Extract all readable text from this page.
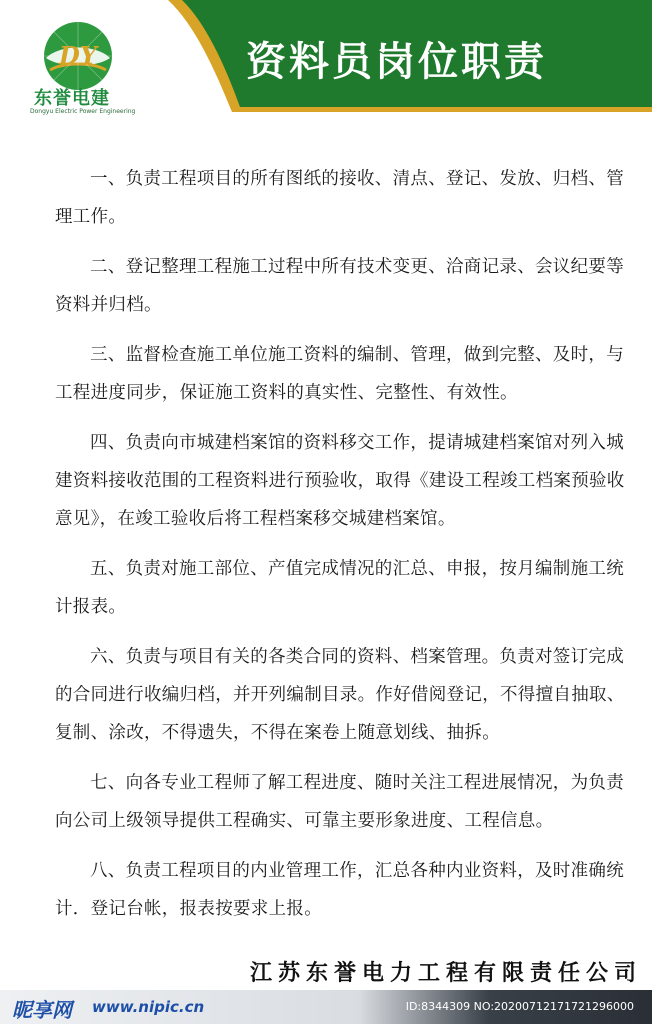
DY
东誉电建
Dongyu Electric Power Engineering
资料员岗位职责

一、负责工程项目的所有图纸的接收、清点、登记、发放、归档、管理工作。

二、登记整理工程施工过程中所有技术变更、洽商记录、会议纪要等资料并归档。

三、监督检查施工单位施工资料的编制、管理，做到完整、及时，与工程进度同步，保证施工资料的真实性、完整性、有效性。

四、负责向市城建档案馆的资料移交工作，提请城建档案馆对列入城建资料接收范围的工程资料进行预验收，取得《建设工程竣工档案预验收意见》，在竣工验收后将工程档案移交城建档案馆。

五、负责对施工部位、产值完成情况的汇总、申报，按月编制施工统计报表。

六、负责与项目有关的各类合同的资料、档案管理。负责对签订完成的合同进行收编归档，并开列编制目录。作好借阅登记，不得擅自抽取、复制、涂改，不得遗失，不得在案卷上随意划线、抽拆。

七、向各专业工程师了解工程进度、随时关注工程进展情况，为负责向公司上级领导提供工程确实、可靠主要形象进度、工程信息。

八、负责工程项目的内业管理工作，汇总各种内业资料，及时准确统计．登记台帐，报表按要求上报。

江苏东誉电力工程有限责任公司
昵享网 www.nipic.cn	ID:8344309 NO:20200712171721296000
